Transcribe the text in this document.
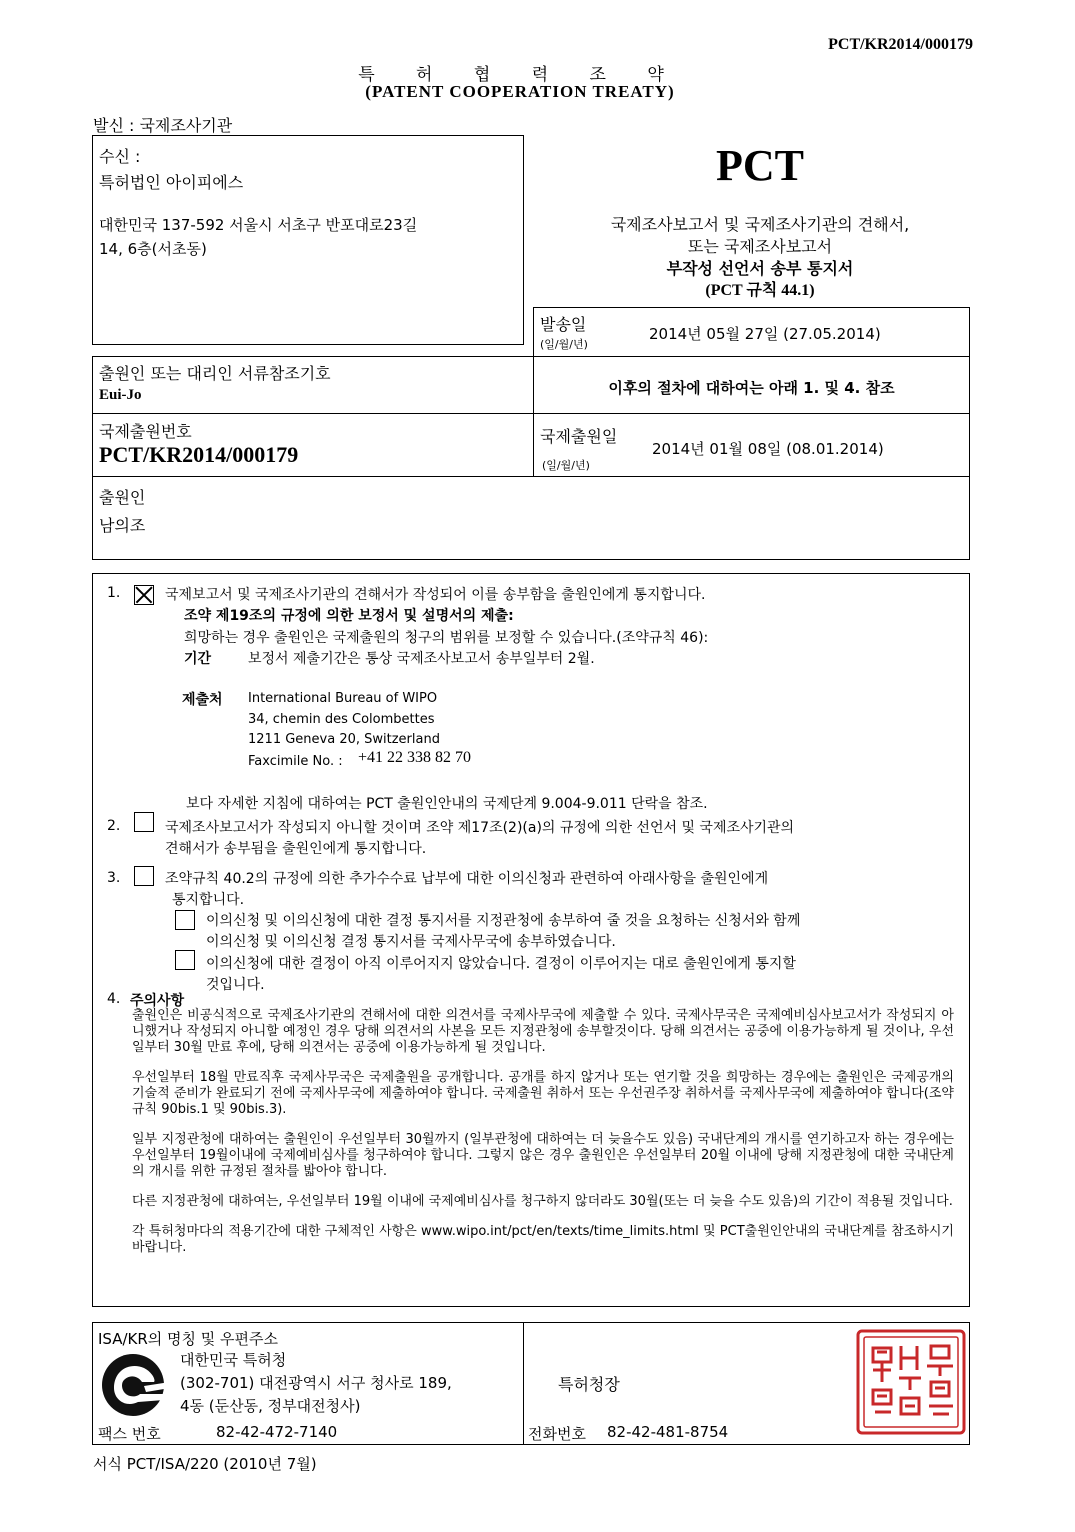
PCT/KR2014/000179
특 허 협 력 조 약
(PATENT COOPERATION TREATY)
발신 : 국제조사기관
수신 :
특허법인 아이피에스
대한민국 137-592 서울시 서초구 반포대로23길
14, 6층(서초동)
PCT
국제조사보고서 및 국제조사기관의 견해서,
또는 국제조사보고서
부작성 선언서 송부 통지서
(PCT 규칙 44.1)
발송일
(일/월/년)
2014년 05월 27일 (27.05.2014)
출원인 또는 대리인 서류참조기호
Eui-Jo	이후의 절차에 대하여는 아래 1. 및 4. 참조
국제출원번호
PCT/KR2014/000179
국제출원일
(일/월/년)
2014년 01월 08일 (08.01.2014)
출원인
남의조
1.	국제보고서 및 국제조사기관의 견해서가 작성되어 이를 송부함을 출원인에게 통지합니다.
조약 제19조의 규정에 의한 보정서 및 설명서의 제출:
희망하는 경우 출원인은 국제출원의 청구의 범위를 보정할 수 있습니다.(조약규칙 46):
기간	보정서 제출기간은 통상 국제조사보고서 송부일부터 2월.
제출처 International Bureau of WIPO
34, chemin des Colombettes
1211 Geneva 20, Switzerland
Faxcimile No. : +41 22 338 82 70
보다 자세한 지침에 대하여는 PCT 출원인안내의 국제단계 9.004-9.011 단락을 참조.
2.	국제조사보고서가 작성되지 아니할 것이며 조약 제17조(2)(a)의 규정에 의한 선언서 및 국제조사기관의
견해서가 송부됨을 출원인에게 통지합니다.
3.	조약규칙 40.2의 규정에 의한 추가수수료 납부에 대한 이의신청과 관련하여 아래사항을 출원인에게
통지합니다.
이의신청 및 이의신청에 대한 결정 통지서를 지정관청에 송부하여 줄 것을 요청하는 신청서와 함께
이의신청 및 이의신청 결정 통지서를 국제사무국에 송부하였습니다.
이의신청에 대한 결정이 아직 이루어지지 않았습니다. 결정이 이루어지는 대로 출원인에게 통지할
것입니다.
4. 주의사항

출원인은 비공식적으로 국제조사기관의 견해서에 대한 의견서를 국제사무국에 제출할 수 있다. 국제사무국은 국제예비심사보고서가 작성되지 아니했거나 작성되지 아니할 예정인 경우 당해 의견서의 사본을 모든 지정관청에 송부할것이다. 당해 의견서는 공중에 이용가능하게 될 것이나, 우선일부터 30월 만료 후에, 당해 의견서는 공중에 이용가능하게 될 것입니다.

우선일부터 18월 만료직후 국제사무국은 국제출원을 공개합니다. 공개를 하지 않거나 또는 연기할 것을 희망하는 경우에는 출원인은 국제공개의 기술적 준비가 완료되기 전에 국제사무국에 제출하여야 합니다. 국제출원 취하서 또는 우선권주장 취하서를 국제사무국에 제출하여야 합니다(조약 규칙 90bis.1 및 90bis.3).

일부 지정관청에 대하여는 출원인이 우선일부터 30월까지 (일부관청에 대하여는 더 늦을수도 있음) 국내단계의 개시를 연기하고자 하는 경우에는 우선일부터 19월이내에 국제예비심사를 청구하여야 합니다. 그렇지 않은 경우 출원인은 우선일부터 20월 이내에 당해 지정관청에 대한 국내단계의 개시를 위한 규정된 절차를 밟아야 합니다.

다른 지정관청에 대하여는, 우선일부터 19월 이내에 국제예비심사를 청구하지 않더라도 30월(또는 더 늦을 수도 있음)의 기간이 적용될 것입니다.

각 특허청마다의 적용기간에 대한 구체적인 사항은 www.wipo.int/pct/en/texts/time_limits.html 및 PCT출원인안내의 국내단계를 참조하시기 바랍니다.

ISA/KR의 명칭 및 우편주소
대한민국 특허청
(302-701) 대전광역시 서구 청사로 189,
4동 (둔산동, 정부대전청사)
팩스 번호	82-42-472-7140
특허청장
전화번호 82-42-481-8754
서식 PCT/ISA/220 (2010년 7월)
